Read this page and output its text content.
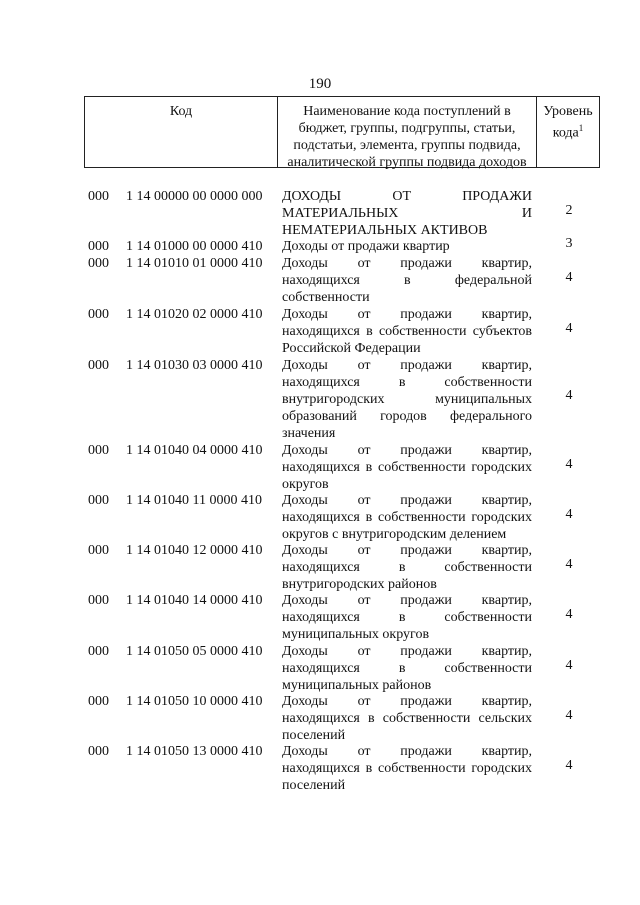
190
Код	Наименование кода поступлений в бюджет, группы, подгруппы, статьи, подстатьи, элемента, группы подвида, аналитической группы подвида доходов
Уровень кода$^1$
000 1 14 00000 00 0000 000 ДОХОДЫ ОТ ПРОДАЖИ МАТЕРИАЛЬНЫХ И НЕМАТЕРИАЛЬНЫХ АКТИВОВ
2
000 1 14 01000 00 0000 410 Доходы от продажи квартир	3
000 1 14 01010 01 0000 410 Доходы от продажи квартир, находящихся в федеральной собственности
4
000 1 14 01020 02 0000 410 Доходы от продажи квартир, находящихся в собственности субъектов Российской Федерации
4
000 1 14 01030 03 0000 410 Доходы от продажи квартир, находящихся в собственности внутригородских муниципальных образований городов федерального значения
4
000 1 14 01040 04 0000 410 Доходы от продажи квартир, находящихся в собственности городских округов
4
000 1 14 01040 11 0000 410 Доходы от продажи квартир, находящихся в собственности городских округов с внутригородским делением
4
000 1 14 01040 12 0000 410 Доходы от продажи квартир, находящихся в собственности внутригородских районов
4
000 1 14 01040 14 0000 410 Доходы от продажи квартир, находящихся в собственности муниципальных округов
4
000 1 14 01050 05 0000 410 Доходы от продажи квартир, находящихся в собственности муниципальных районов
4
000 1 14 01050 10 0000 410 Доходы от продажи квартир, находящихся в собственности сельских поселений
4
000 1 14 01050 13 0000 410 Доходы от продажи квартир, находящихся в собственности городских поселений
4
